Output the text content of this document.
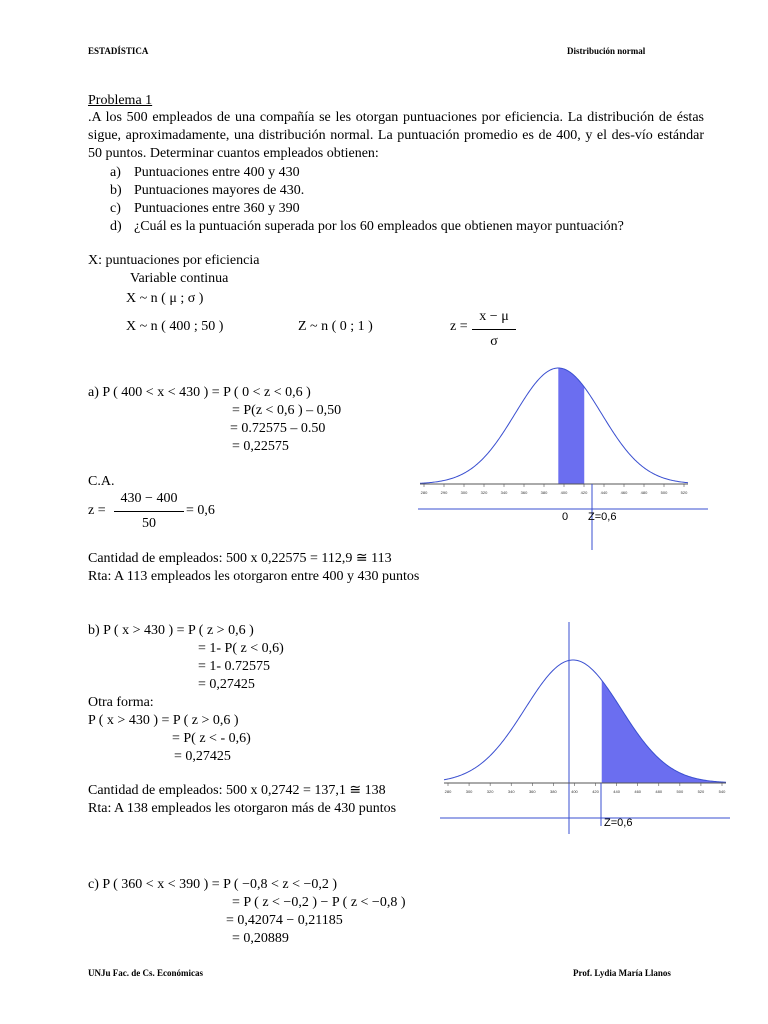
ESTADÍSTICA	Distribución normal
Problema 1
.A los 500 empleados de una compañía se les otorgan puntuaciones por eficiencia. La distribución de éstas sigue, aproximadamente, una distribución normal. La puntuación promedio es de 400, y el des-vío estándar 50 puntos. Determinar cuantos empleados obtienen:
a) Puntuaciones entre 400 y 430
b) Puntuaciones mayores de 430.
c) Puntuaciones entre 360 y 390
d) ¿Cuál es la puntuación superada por los 60 empleados que obtienen mayor puntuación?
X: puntuaciones por eficiencia
Variable continua
X ~ n ( μ ; σ )
X ~ n ( 400 ; 50 )	Z ~ n ( 0 ; 1 )	z =
x − μ
σ
a) P ( 400 < x < 430 ) = P ( 0 < z < 0,6 )
= P(z < 0,6 ) – 0,50
= 0.72575 – 0.50
= 0,22575
C.A.
z =
430 − 400
50
= 0,6
Cantidad de empleados: 500 x 0,22575 = 112,9 ≅ 113
Rta: A 113 empleados les otorgaron entre 400 y 430 puntos
280	290	300	320	340	360	380	400	420	440	460	480	500	520
0 Z=0,6
b) P ( x > 430 ) = P ( z > 0,6 )
= 1- P( z < 0,6)
= 1- 0.72575
= 0,27425
Otra forma:
P ( x > 430 ) = P ( z > 0,6 )
= P( z < - 0,6)
= 0,27425
Cantidad de empleados: 500 x 0,2742 = 137,1 ≅ 138
Rta: A 138 empleados les otorgaron más de 430 puntos
280	300	320	340	360	380	400	420	440	460	480	500	520	540
Z=0,6
c) P ( 360 < x < 390 ) = P ( −0,8 < z < −0,2 )
= P ( z < −0,2 ) − P ( z < −0,8 )
= 0,42074 − 0,21185
= 0,20889
UNJu Fac. de Cs. Económicas	Prof. Lydia María Llanos
